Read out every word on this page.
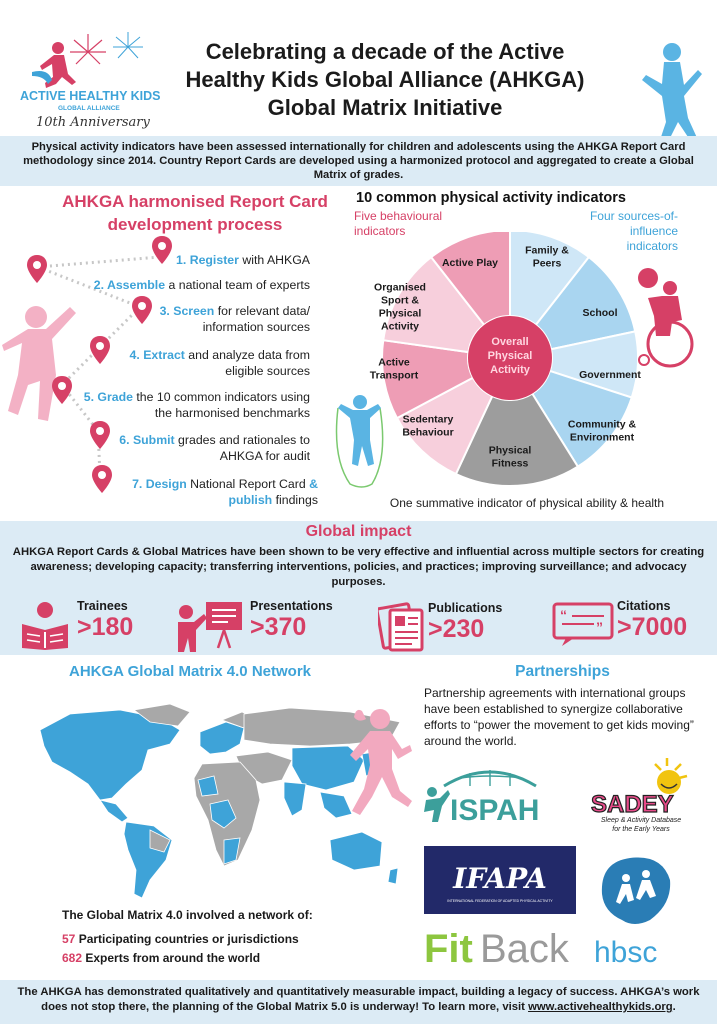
ACTIVE HEALTHY KIDS
GLOBAL ALLIANCE
10th Anniversary
Celebrating a decade of the Active
Healthy Kids Global Alliance (AHKGA)
Global Matrix Initiative
Physical activity indicators have been assessed internationally for children and adolescents using the AHKGA Report Card methodology since 2014. Country Report Cards are developed using a harmonized protocol and aggregated to create a Global Matrix of grades.
AHKGA harmonised Report Card
development process
1. Register with AHKGA
2. Assemble a national team of experts
3. Screen for relevant data/
information sources
4. Extract and analyze data from
eligible sources
5. Grade the 10 common indicators using
the harmonised benchmarks
6. Submit grades and rationales to
AHKGA for audit
7. Design National Report Card &
publish findings
10 common physical activity indicators
Five behavioural
indicators
Four sources-of-
influence
indicators
Family & Peers
School
Government
Community & Environment
Physical Fitness
Sedentary Behaviour
Active Transport
Organised Sport & Physical Activity
Active Play
Overall
Physical
Activity
One summative indicator of physical ability & health
Global impact
AHKGA Report Cards & Global Matrices have been shown to be very effective and influential across multiple sectors for creating awareness; developing capacity; transferring interventions, policies, and practices; improving surveillance; and advocacy purposes.
Trainees
>180
Presentations
>370
Publications
>230	“
”
Citations
>7000
AHKGA Global Matrix 4.0 Network
The Global Matrix 4.0 involved a network of:
57 Participating countries or jurisdictions
682 Experts from around the world
Partnerships
Partnership agreements with international groups have been established to synergize collaborative efforts to “power the movement to get kids moving” around the world.
ISPAH SADEY
Sleep & Activity Database
for the Early Years
IFAPA
INTERNATIONAL FEDERATION OF ADAPTED PHYSICAL ACTIVITY
hbsc
Fit Back
The AHKGA has demonstrated qualitatively and quantitatively measurable impact, building a legacy of success. AHKGA’s work does not stop there, the planning of the Global Matrix 5.0 is underway! To learn more, visit www.activehealthykids.org.
